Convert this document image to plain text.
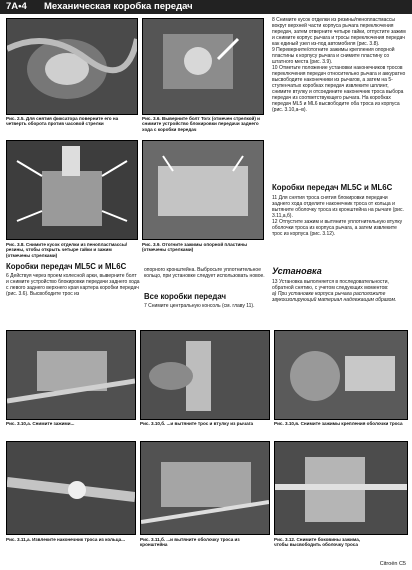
7A•4 Механическая коробка передач
Рис. 2.5. Для снятия фиксатора поверните его на четверть оборота против часовой стрелки
Рис. 3.6. Выверните болт Torx (отмечен стрелкой) и снимите устройство блокировки передачи заднего хода с коробки передач
Рис. 3.8. Снимите кусок отделки из пенопластмассы/резины, чтобы открыть четыре гайки и зажим (отмечены стрелками)
Рис. 3.9. Отогните зажимы опорной пластины (отмечены стрелками)
Коробки передач ML5C и ML6C
6 Действуя через проем колесной арки, выверните болт и снимите устройство блокировки передачи заднего хода с левого заднего верхнего края картера коробки передач (рис. 3.6). Высвободите трос из
опорного кронштейна. Выбросьте уплотнительное кольцо, при установке следует использовать новое.
Все коробки передач
7 Снимите центральную консоль (см. главу 11).

8 Снимите кусок отделки из резины/пенопластмассы вокруг верхней части корпуса рычага переключения передач, затем отверните четыре гайки, отпустите зажим и снимите корпус рычага и тросы переключения передач как единый узел из-под автомобиля (рис. 3.8).

9 Переверните/отогните зажимы крепления опорной пластины к корпусу рычага и снимите пластину со штатного места (рис. 3.9).

10 Отметьте положение установки наконечников тросов переключения передач относительно рычага и аккуратно высвободите наконечники из рычагов, а затем на 5-ступенчатых коробках передач извлеките шплинт, снимите втулку и отсоедините наконечник троса выбора передач из соответствующего рычага. На коробках передач ML5 и ML6 высвободите оба троса из корпуса (рис. 3.10,а–в).

Коробки передач ML5C и ML6C

11 Для снятия троса снятия блокировки передачи заднего хода отделите наконечник троса от кольца и вытяните оболочку троса из кронштейна на рычаге (рис. 3.11,а,б).

12 Отпустите зажим и вытяните уплотнительную втулку оболочки троса из корпуса рычага, а затем извлеките трос из корпуса (рис. 3.12).

Установка

13 Установка выполняется в последовательности, обратной снятию, с учетом следующих моментов:

а) При установке корпуса рычага расположите звукоизолирующий материал надлежащим образом.

Рис. 3.10,а. Снимите зажими...	Рис. 3.10,б. ...и вытяните трос и втулку из рычага	Рис. 3.10,в. Снимите зажимы крепления оболочки троса
Рис. 3.11,а. Извлеките наконечник троса из кольца...	Рис. 3.11,б. ...и вытяните оболочку троса из кронштейна
Рис. 3.12. Снимите боковины зажима, чтобы высвободить оболочку троса
Citroën C5
